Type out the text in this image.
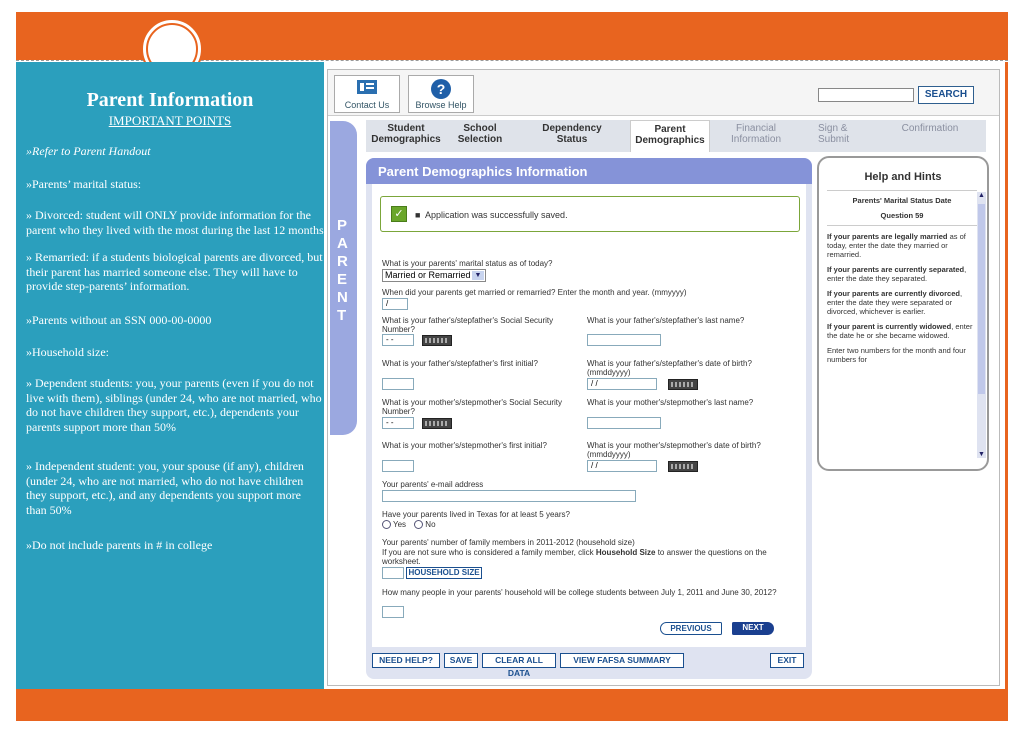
Parent Information
IMPORTANT POINTS
»Refer to Parent Handout
»Parents’ marital status:
» Divorced: student will ONLY provide information for the parent who they lived with the most during the last 12 months
» Remarried: if a students biological parents are divorced, but their parent has married someone else. They will have to provide step-parents’ information.
»Parents without an SSN 000-00-0000
»Household size:
» Dependent students: you, your parents (even if you do not live with them), siblings (under 24, who are not married, who do not have children they support, etc.), dependents your parents support more than 50%
» Independent student: you, your spouse (if any), children (under 24, who are not married, who do not have children they support, etc.), and any dependents you support more than 50%
»Do not include parents in # in college
Contact Us
?
Browse Help
SEARCH
P
A
R
E
N
T
Student
Demographics
School
Selection
Dependency
Status
Parent
Demographics
Financial
Information
Sign &
Submit
Confirmation
Parent Demographics Information
✓	■ Application was successfully saved.
What is your parents' marital status as of today?
Married or Remarried ▼
When did your parents get married or remarried? Enter the month and year. (mmyyyy)
/
What is your father's/stepfather's Social Security Number?
- -
What is your father's/stepfather's last name?
What is your father's/stepfather's first initial?	What is your father's/stepfather's date of birth? (mmddyyyy)
/ /
What is your mother's/stepmother's Social Security Number?
- -
What is your mother's/stepmother's last name?
What is your mother's/stepmother's first initial?	What is your mother's/stepmother's date of birth? (mmddyyyy)
/ /
Your parents' e-mail address
Have your parents lived in Texas for at least 5 years?
Yes No
Your parents' number of family members in 2011-2012 (household size)
If you are not sure who is considered a family member, click Household Size to answer the questions on the worksheet.
HOUSEHOLD SIZE
How many people in your parents' household will be college students between July 1, 2011 and June 30, 2012?
PREVIOUS	NEXT
NEED HELP?	SAVE	CLEAR ALL DATA
VIEW FAFSA SUMMARY	EXIT
Help and Hints
Parents' Marital Status Date
Question 59
If your parents are legally married as of today, enter the date they married or remarried.
If your parents are currently separated, enter the date they separated.
If your parents are currently divorced, enter the date they were separated or divorced, whichever is earlier.
If your parent is currently widowed, enter the date he or she became widowed.
Enter two numbers for the month and four numbers for
▲
▼
